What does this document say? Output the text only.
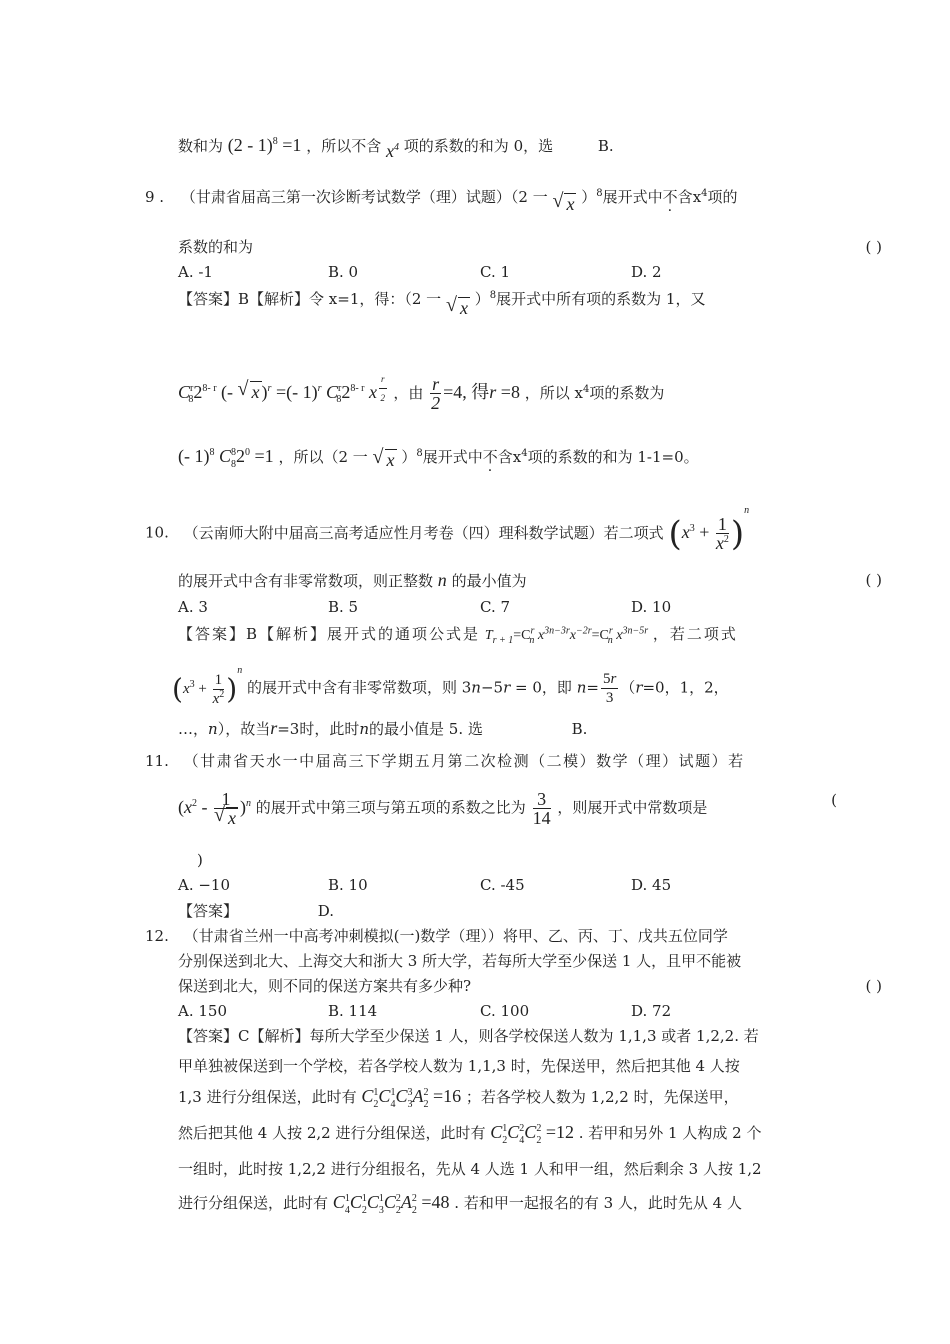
数和为 (2 - 1)$^8$ =1 ，所以不含 $x^4$ 项的系数的和为 0，选	B.
9 . （甘肃省届高三第一次诊断考试数学（理）试题）（2 一 √ x ）$^8$展开式中不含$x^4$项的
系数的和为	( )
A. -1	B. 0	C. 1	D. 2
【答案】B【解析】令 x=1，得：（2 一 √ x ）$^8$展开式中所有项的系数为 1，又
$C^r_82^{8- r}$ (- √ x )$^r$ =(- 1)$^r$ $C^r_82^{8- r}$ x $^{\frac{r}{2}}$ ，由 $\frac{r}{2} =4$, 得r =8 ，所以 $x^4$项的系数为
(- 1)$^8$ $C^8_82^0 =1$ ，所以（2 一 √ x ）$^8$展开式中不含$x^4$项的系数的和为 1-1=0。
10. （云南师大附中届高三高考适应性月考卷（四）理科数学试题）若二项式 $(x^3 + \frac{1}{x^2} )^n$
的展开式中含有非零常数项，则正整数 n 的最小值为	( )
A. 3	B. 5	C. 7	D. 10
【答案】B【解析】展开式的通项公式是 $T_{r + 1}=C^r_n$ $x^{3n-3r}x^{-2r}=C^r_n$ $x^{3n-5r}$ ，若二项式
$(x^3 + \frac{1}{x^2} )^n$ 的展开式中含有非零常数项，则 3n−5r = 0，即 $n= \frac{5r}{3} (r=0$，1，2，
…，n），故当r=3时，此时n的最小值是 5. 选	B.
11. （甘肃省天水一中届高三下学期五月第二次检测（二模）数学（理）试题）若
($x^2 - 1$
√ x )$^n$ 的展开式中第三项与第五项的系数之比为 $\frac{3}{14}$ ，则展开式中常数项是	(
)
A. −10	B. 10	C. -45	D. 45
【答案】	D.
12. （甘肃省兰州一中高考冲刺模拟(一)数学（理））将甲、乙、丙、丁、戊共五位同学
分别保送到北大、上海交大和浙大 3 所大学，若每所大学至少保送 1 人，且甲不能被
保送到北大，则不同的保送方案共有多少种?	( )
A. 150	B. 114	C. 100	D. 72
【答案】C【解析】每所大学至少保送 1 人，则各学校保送人数为 1,1,3 或者 1,2,2. 若
甲单独被保送到一个学校，若各学校人数为 1,1,3 时，先保送甲，然后把其他 4 人按
1,3 进行分组保送，此时有 $C^1_2C^1_4C^3_3A^2_2 =16$ ；若各学校人数为 1,2,2 时，先保送甲，
然后把其他 4 人按 2,2 进行分组保送，此时有 $C^1_2C^2_4C^2_2 =12$ . 若甲和另外 1 人构成 2 个
一组时，此时按 1,2,2 进行分组报名，先从 4 人选 1 人和甲一组，然后剩余 3 人按 1,2
进行分组保送，此时有 $C^1_4C^1_2C^1_3C^2_2A^2_2 =48$ . 若和甲一起报名的有 3 人，此时先从 4 人
